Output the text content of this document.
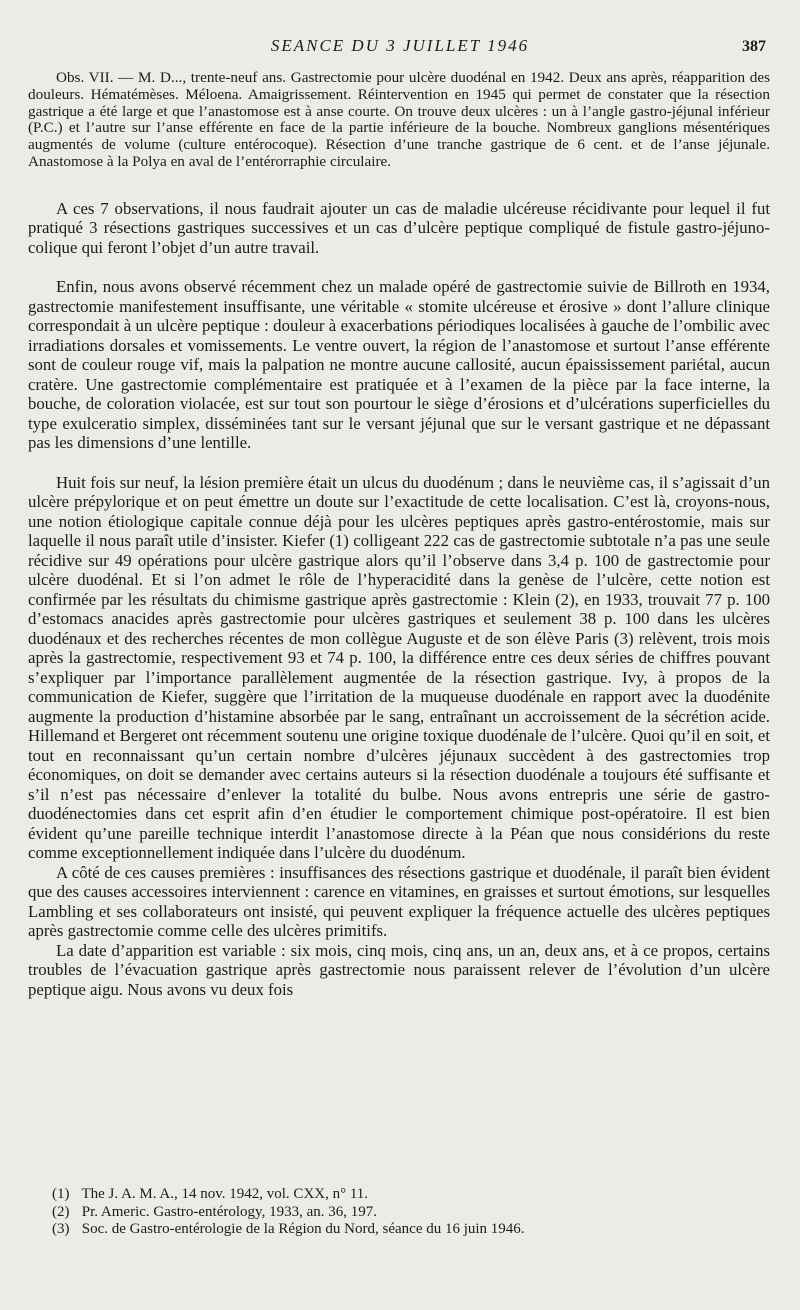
SEANCE DU 3 JUILLET 1946	387

Obs. VII. — M. D..., trente-neuf ans. Gastrectomie pour ulcère duodénal en 1942. Deux ans après, réapparition des douleurs. Hématémèses. Méloena. Amaigrissement. Réintervention en 1945 qui permet de constater que la résection gastrique a été large et que l’anastomose est à anse courte. On trouve deux ulcères : un à l’angle gastro-jéjunal inférieur (P.C.) et l’autre sur l’anse efférente en face de la partie inférieure de la bouche. Nombreux ganglions mésentériques augmentés de volume (culture entérocoque). Résection d’une tranche gastrique de 6 cent. et de l’anse jéjunale. Anastomose à la Polya en aval de l’entérorraphie circulaire.

A ces 7 observations, il nous faudrait ajouter un cas de maladie ulcéreuse récidivante pour lequel il fut pratiqué 3 résections gastriques successives et un cas d’ulcère peptique compliqué de fistule gastro-jéjuno-colique qui feront l’objet d’un autre travail.

Enfin, nous avons observé récemment chez un malade opéré de gastrectomie suivie de Billroth en 1934, gastrectomie manifestement insuffisante, une véritable « stomite ulcéreuse et érosive » dont l’allure clinique correspondait à un ulcère peptique : douleur à exacerbations périodiques localisées à gauche de l’ombilic avec irradiations dorsales et vomissements. Le ventre ouvert, la région de l’anastomose et surtout l’anse efférente sont de couleur rouge vif, mais la palpation ne montre aucune callosité, aucun épaississement pariétal, aucun cratère. Une gastrectomie complémentaire est pratiquée et à l’examen de la pièce par la face interne, la bouche, de coloration violacée, est sur tout son pourtour le siège d’érosions et d’ulcérations superficielles du type exulceratio simplex, disséminées tant sur le versant jéjunal que sur le versant gastrique et ne dépassant pas les dimensions d’une lentille.

Huit fois sur neuf, la lésion première était un ulcus du duodénum ; dans le neuvième cas, il s’agissait d’un ulcère prépylorique et on peut émettre un doute sur l’exactitude de cette localisation. C’est là, croyons-nous, une notion étiologique capitale connue déjà pour les ulcères peptiques après gastro-entérostomie, mais sur laquelle il nous paraît utile d’insister. Kiefer (1) colligeant 222 cas de gastrectomie subtotale n’a pas une seule récidive sur 49 opérations pour ulcère gastrique alors qu’il l’observe dans 3,4 p. 100 de gastrectomie pour ulcère duodénal. Et si l’on admet le rôle de l’hyperacidité dans la genèse de l’ulcère, cette notion est confirmée par les résultats du chimisme gastrique après gastrectomie : Klein (2), en 1933, trouvait 77 p. 100 d’estomacs anacides après gastrectomie pour ulcères gastriques et seulement 38 p. 100 dans les ulcères duodénaux et des recherches récentes de mon collègue Auguste et de son élève Paris (3) relèvent, trois mois après la gastrectomie, respectivement 93 et 74 p. 100, la différence entre ces deux séries de chiffres pouvant s’expliquer par l’importance parallèlement augmentée de la résection gastrique. Ivy, à propos de la communication de Kiefer, suggère que l’irritation de la muqueuse duodénale en rapport avec la duodénite augmente la production d’histamine absorbée par le sang, entraînant un accroissement de la sécrétion acide. Hillemand et Bergeret ont récemment soutenu une origine toxique duodénale de l’ulcère. Quoi qu’il en soit, et tout en reconnaissant qu’un certain nombre d’ulcères jéjunaux succèdent à des gastrectomies trop économiques, on doit se demander avec certains auteurs si la résection duodénale a toujours été suffisante et s’il n’est pas nécessaire d’enlever la totalité du bulbe. Nous avons entrepris une série de gastro-duodénectomies dans cet esprit afin d’en étudier le comportement chimique post-opératoire. Il est bien évident qu’une pareille technique interdit l’anastomose directe à la Péan que nous considérions du reste comme exceptionnellement indiquée dans l’ulcère du duodénum.

A côté de ces causes premières : insuffisances des résections gastrique et duodénale, il paraît bien évident que des causes accessoires interviennent : carence en vitamines, en graisses et surtout émotions, sur lesquelles Lambling et ses collaborateurs ont insisté, qui peuvent expliquer la fréquence actuelle des ulcères peptiques après gastrectomie comme celle des ulcères primitifs.

La date d’apparition est variable : six mois, cinq mois, cinq ans, un an, deux ans, et à ce propos, certains troubles de l’évacuation gastrique après gastrectomie nous paraissent relever de l’évolution d’un ulcère peptique aigu. Nous avons vu deux fois

(1) The J. A. M. A., 14 nov. 1942, vol. CXX, n° 11.
(2) Pr. Americ. Gastro-entérology, 1933, an. 36, 197.
(3) Soc. de Gastro-entérologie de la Région du Nord, séance du 16 juin 1946.
